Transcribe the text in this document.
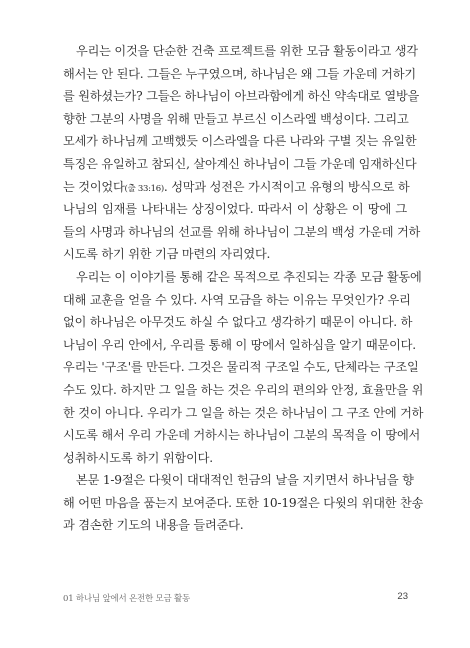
우리는 이것을 단순한 건축 프로젝트를 위한 모금 활동이라고 생각
해서는 안 된다. 그들은 누구였으며, 하나님은 왜 그들 가운데 거하기
를 원하셨는가? 그들은 하나님이 아브라함에게 하신 약속대로 열방을
향한 그분의 사명을 위해 만들고 부르신 이스라엘 백성이다. 그리고
모세가 하나님께 고백했듯 이스라엘을 다른 나라와 구별 짓는 유일한
특징은 유일하고 참되신, 살아계신 하나님이 그들 가운데 임재하신다
는 것이었다(출 33:16). 성막과 성전은 가시적이고 유형의 방식으로 하
나님의 임재를 나타내는 상징이었다. 따라서 이 상황은 이 땅에 그
들의 사명과 하나님의 선교를 위해 하나님이 그분의 백성 가운데 거하
시도록 하기 위한 기금 마련의 자리였다.
우리는 이 이야기를 통해 같은 목적으로 추진되는 각종 모금 활동에
대해 교훈을 얻을 수 있다. 사역 모금을 하는 이유는 무엇인가? 우리
없이 하나님은 아무것도 하실 수 없다고 생각하기 때문이 아니다. 하
나님이 우리 안에서, 우리를 통해 이 땅에서 일하심을 알기 때문이다.
우리는 '구조'를 만든다. 그것은 물리적 구조일 수도, 단체라는 구조일
수도 있다. 하지만 그 일을 하는 것은 우리의 편의와 안정, 효율만을 위
한 것이 아니다. 우리가 그 일을 하는 것은 하나님이 그 구조 안에 거하
시도록 해서 우리 가운데 거하시는 하나님이 그분의 목적을 이 땅에서
성취하시도록 하기 위함이다.
본문 1-9절은 다윗이 대대적인 헌금의 날을 지키면서 하나님을 향
해 어떤 마음을 품는지 보여준다. 또한 10-19절은 다윗의 위대한 찬송
과 겸손한 기도의 내용을 들려준다.
01 하나님 앞에서 온전한 모금 활동	23
